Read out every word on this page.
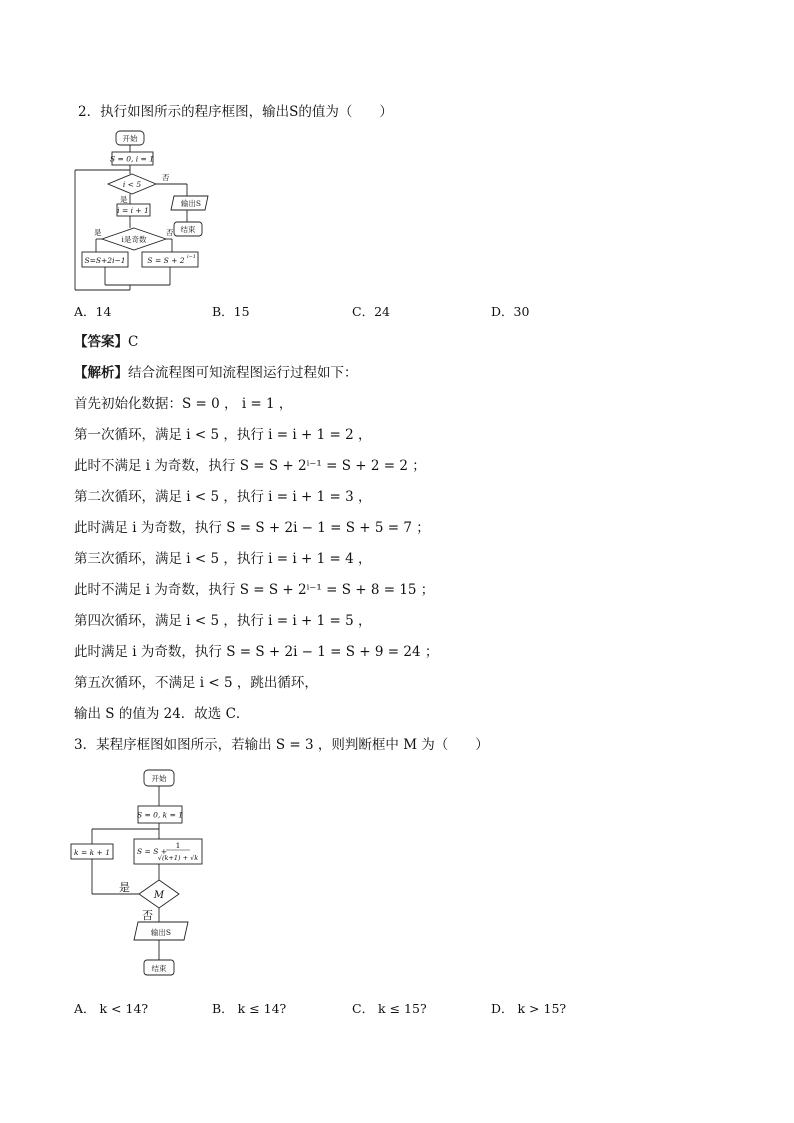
2．执行如图所示的程序框图，输出S的值为（　　）
开始
S = 0, i = 1
i < 5
否
是	输出S
结束
i = i + 1
i是奇数
是	否
S=S+2i−1	S = S + 2 i−1
A．14	B．15	C．24	D．30
【答案】C
【解析】结合流程图可知流程图运行过程如下：
首先初始化数据：S = 0 ， i = 1 ，
第一次循环，满足 i < 5 ，执行 i = i + 1 = 2 ，
此时不满足 i 为奇数，执行 S = S + 2ⁱ⁻¹ = S + 2 = 2 ；
第二次循环，满足 i < 5 ，执行 i = i + 1 = 3 ，
此时满足 i 为奇数，执行 S = S + 2i − 1 = S + 5 = 7 ；
第三次循环，满足 i < 5 ，执行 i = i + 1 = 4 ，
此时不满足 i 为奇数，执行 S = S + 2ⁱ⁻¹ = S + 8 = 15 ；
第四次循环，满足 i < 5 ，执行 i = i + 1 = 5 ，
此时满足 i 为奇数，执行 S = S + 2i − 1 = S + 9 = 24 ；
第五次循环，不满足 i < 5 ，跳出循环，
输出 S 的值为 24．故选 C．
3．某程序框图如图所示，若输出 S = 3 ，则判断框中 M 为（　　）
开始
S = 0, k = 1
S = S +
1
√(k+1) + √k
k = k + 1
M
是
否
输出S
结束
A． k < 14?	B． k ≤ 14?	C． k ≤ 15?	D． k > 15?
